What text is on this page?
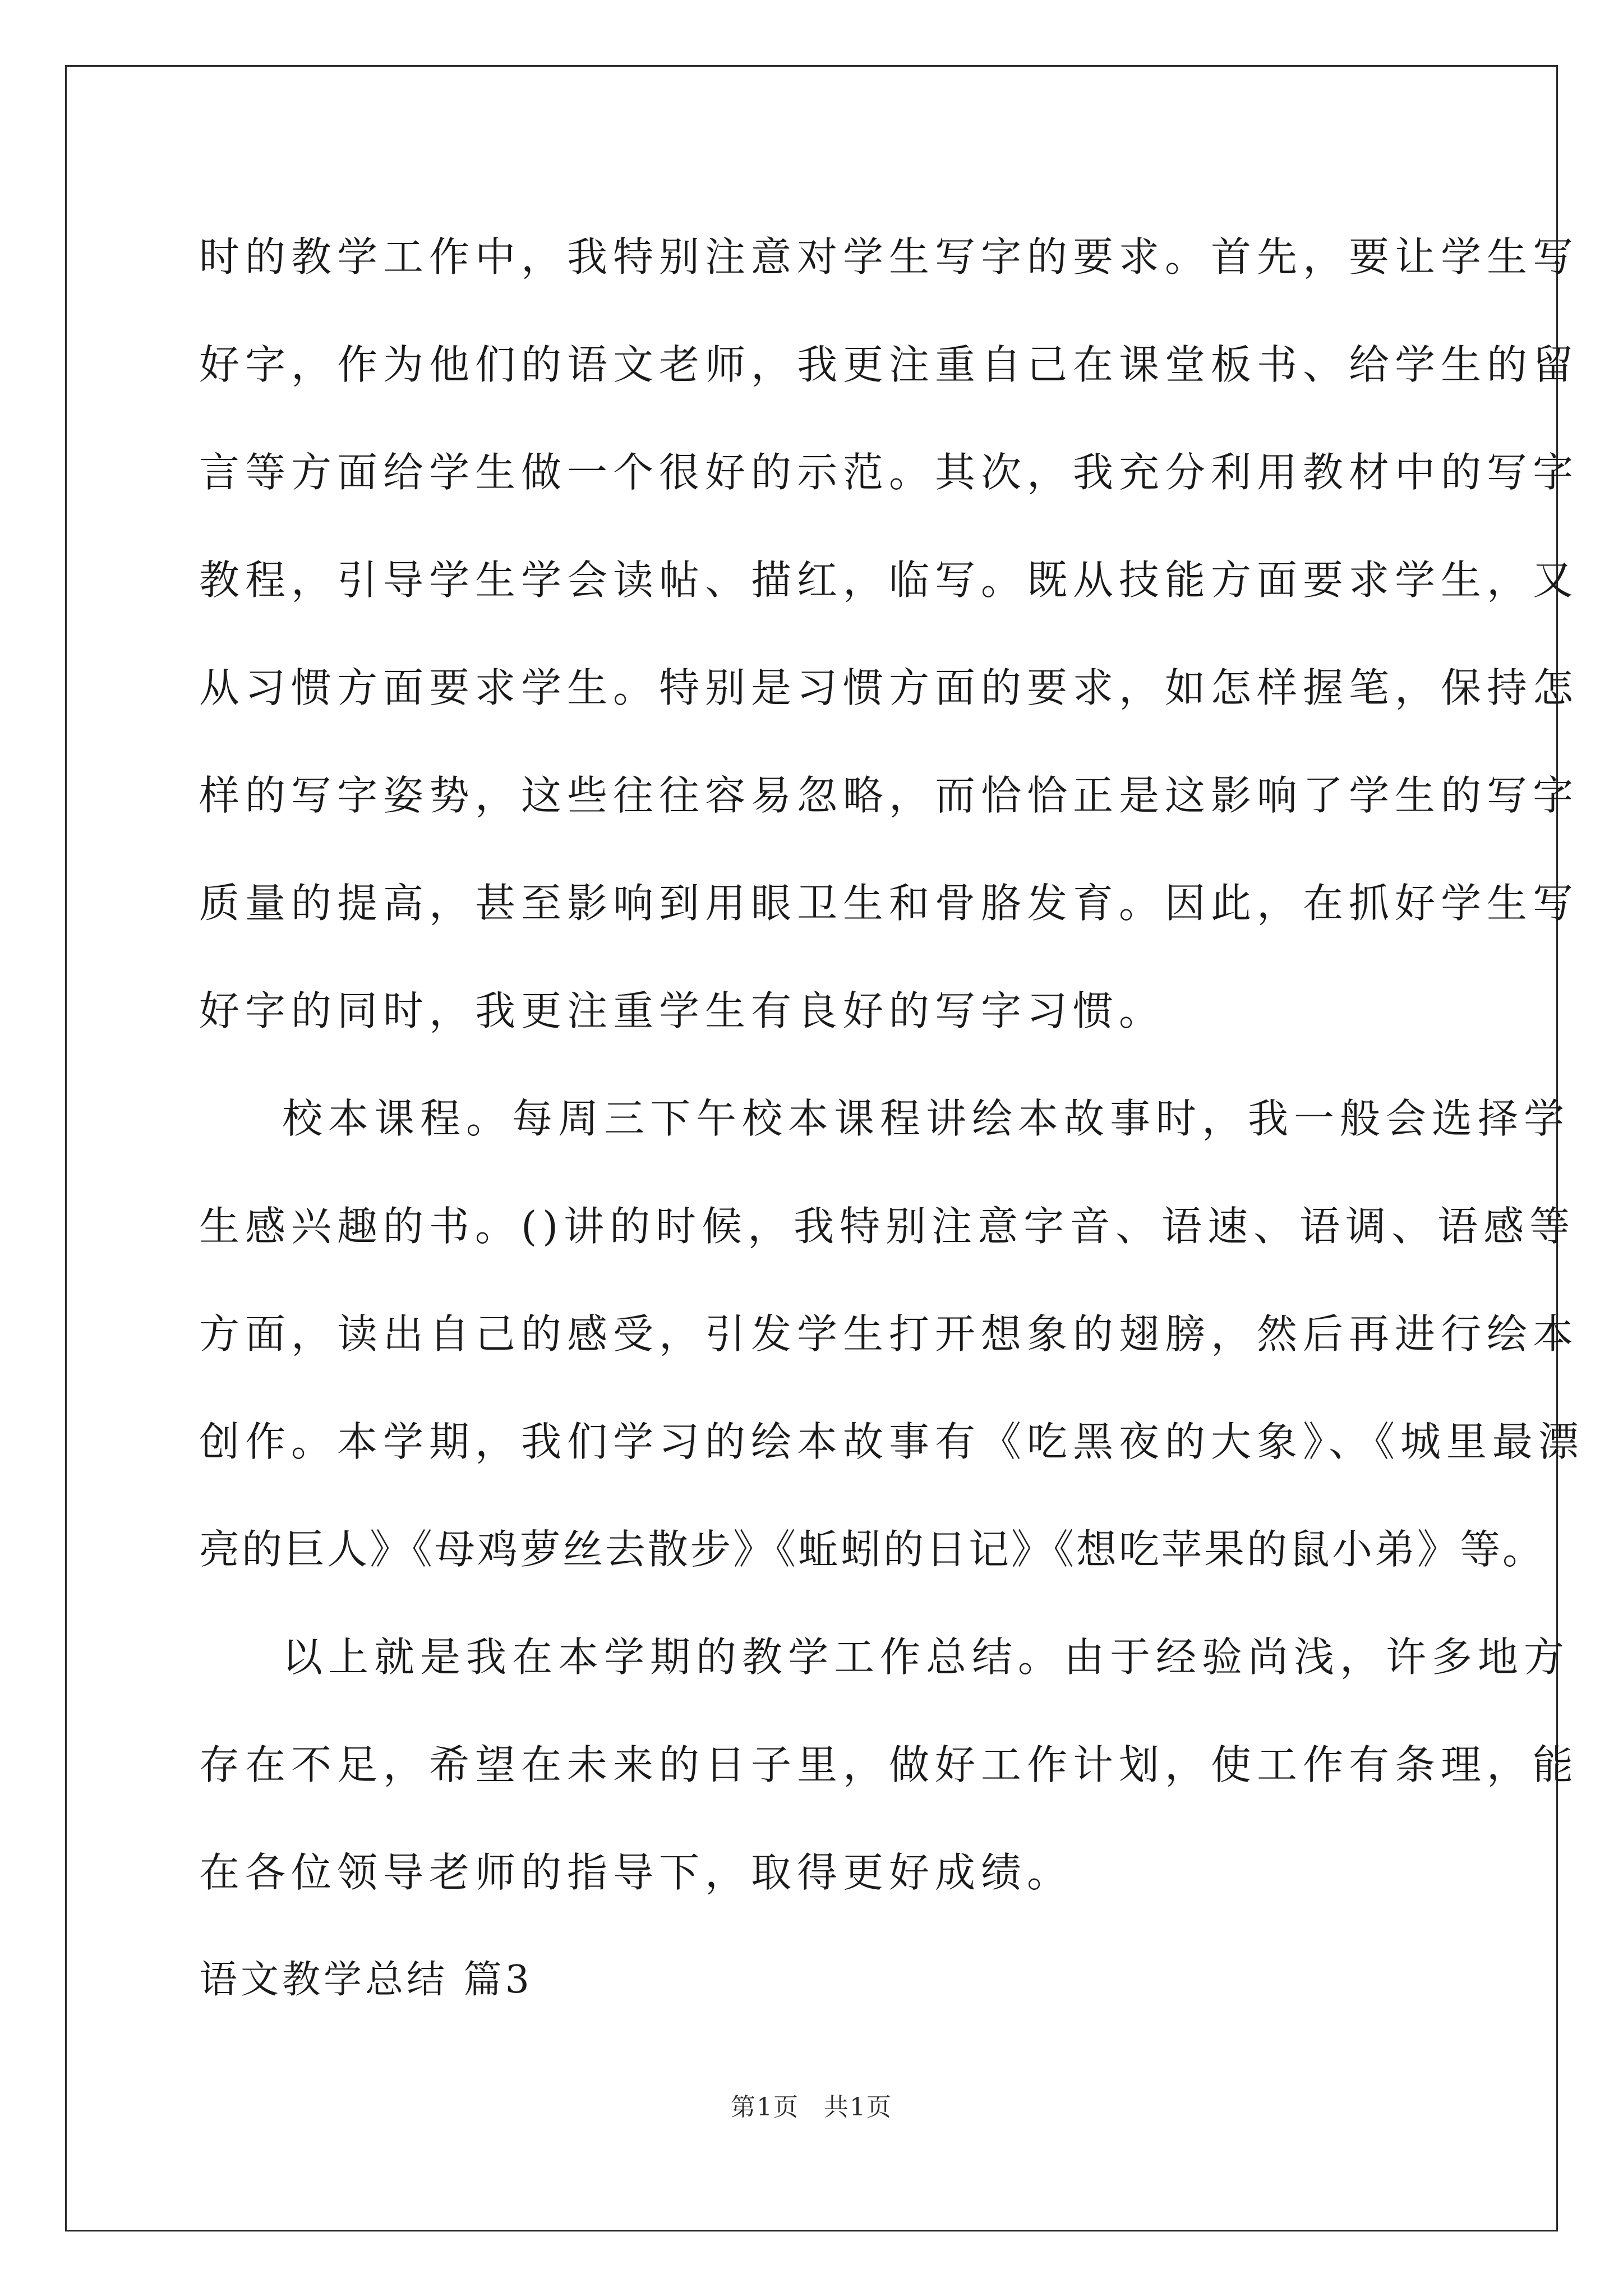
时的教学工作中，我特别注意对学生写字的要求。首先，要让学生写
好字，作为他们的语文老师，我更注重自己在课堂板书、给学生的留
言等方面给学生做一个很好的示范。其次，我充分利用教材中的写字
教程，引导学生学会读帖、描红，临写。既从技能方面要求学生，又
从习惯方面要求学生。特别是习惯方面的要求，如怎样握笔，保持怎
样的写字姿势，这些往往容易忽略，而恰恰正是这影响了学生的写字
质量的提高，甚至影响到用眼卫生和骨胳发育。因此，在抓好学生写
好字的同时，我更注重学生有良好的写字习惯。
校本课程。每周三下午校本课程讲绘本故事时，我一般会选择学
生感兴趣的书。()讲的时候，我特别注意字音、语速、语调、语感等
方面，读出自己的感受，引发学生打开想象的翅膀，然后再进行绘本
创作。本学期，我们学习的绘本故事有《吃黑夜的大象》、《城里最漂
亮的巨人》《母鸡萝丝去散步》《蚯蚓的日记》《想吃苹果的鼠小弟》等。
以上就是我在本学期的教学工作总结。由于经验尚浅，许多地方
存在不足，希望在未来的日子里，做好工作计划，使工作有条理，能
在各位领导老师的指导下，取得更好成绩。

语文教学总结 篇3

第1页 共1页
